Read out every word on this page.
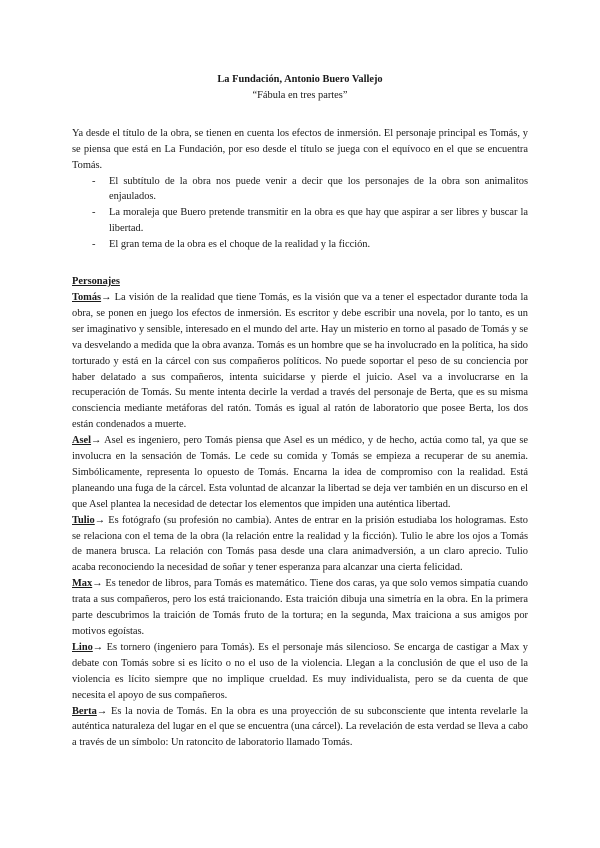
La Fundación, Antonio Buero Vallejo

“Fábula en tres partes”

Ya desde el título de la obra, se tienen en cuenta los efectos de inmersión. El personaje principal es Tomás, y se piensa que está en La Fundación, por eso desde el título se juega con el equívoco en el que se encuentra Tomás.

- El subtítulo de la obra nos puede venir a decir que los personajes de la obra son animalitos enjaulados.
- La moraleja que Buero pretende transmitir en la obra es que hay que aspirar a ser libres y buscar la libertad.
- El gran tema de la obra es el choque de la realidad y la ficción.

Personajes

Tomás→ La visión de la realidad que tiene Tomás, es la visión que va a tener el espectador durante toda la obra, se ponen en juego los efectos de inmersión. Es escritor y debe escribir una novela, por lo tanto, es un ser imaginativo y sensible, interesado en el mundo del arte. Hay un misterio en torno al pasado de Tomás y se va desvelando a medida que la obra avanza. Tomás es un hombre que se ha involucrado en la política, ha sido torturado y está en la cárcel con sus compañeros políticos. No puede soportar el peso de su conciencia por haber delatado a sus compañeros, intenta suicidarse y pierde el juicio. Asel va a involucrarse en la recuperación de Tomás. Su mente intenta decirle la verdad a través del personaje de Berta, que es su misma consciencia mediante metáforas del ratón. Tomás es igual al ratón de laboratorio que posee Berta, los dos están condenados a muerte.

Asel→ Asel es ingeniero, pero Tomás piensa que Asel es un médico, y de hecho, actúa como tal, ya que se involucra en la sensación de Tomás. Le cede su comida y Tomás se empieza a recuperar de su anemia. Simbólicamente, representa lo opuesto de Tomás. Encarna la idea de compromiso con la realidad. Está planeando una fuga de la cárcel. Esta voluntad de alcanzar la libertad se deja ver también en un discurso en el que Asel plantea la necesidad de detectar los elementos que impiden una auténtica libertad.

Tulio→ Es fotógrafo (su profesión no cambia). Antes de entrar en la prisión estudiaba los hologramas. Esto se relaciona con el tema de la obra (la relación entre la realidad y la ficción). Tulio le abre los ojos a Tomás de manera brusca. La relación con Tomás pasa desde una clara animadversión, a un claro aprecio. Tulio acaba reconociendo la necesidad de soñar y tener esperanza para alcanzar una cierta felicidad.

Max→ Es tenedor de libros, para Tomás es matemático. Tiene dos caras, ya que solo vemos simpatía cuando trata a sus compañeros, pero los está traicionando. Esta traición dibuja una simetría en la obra. En la primera parte descubrimos la traición de Tomás fruto de la tortura; en la segunda, Max traiciona a sus amigos por motivos egoístas.

Lino→ Es tornero (ingeniero para Tomás). Es el personaje más silencioso. Se encarga de castigar a Max y debate con Tomás sobre si es lícito o no el uso de la violencia. Llegan a la conclusión de que el uso de la violencia es lícito siempre que no implique crueldad. Es muy individualista, pero se da cuenta de que necesita el apoyo de sus compañeros.

Berta→ Es la novia de Tomás. En la obra es una proyección de su subconsciente que intenta revelarle la auténtica naturaleza del lugar en el que se encuentra (una cárcel). La revelación de esta verdad se lleva a cabo a través de un símbolo: Un ratoncito de laboratorio llamado Tomás.
